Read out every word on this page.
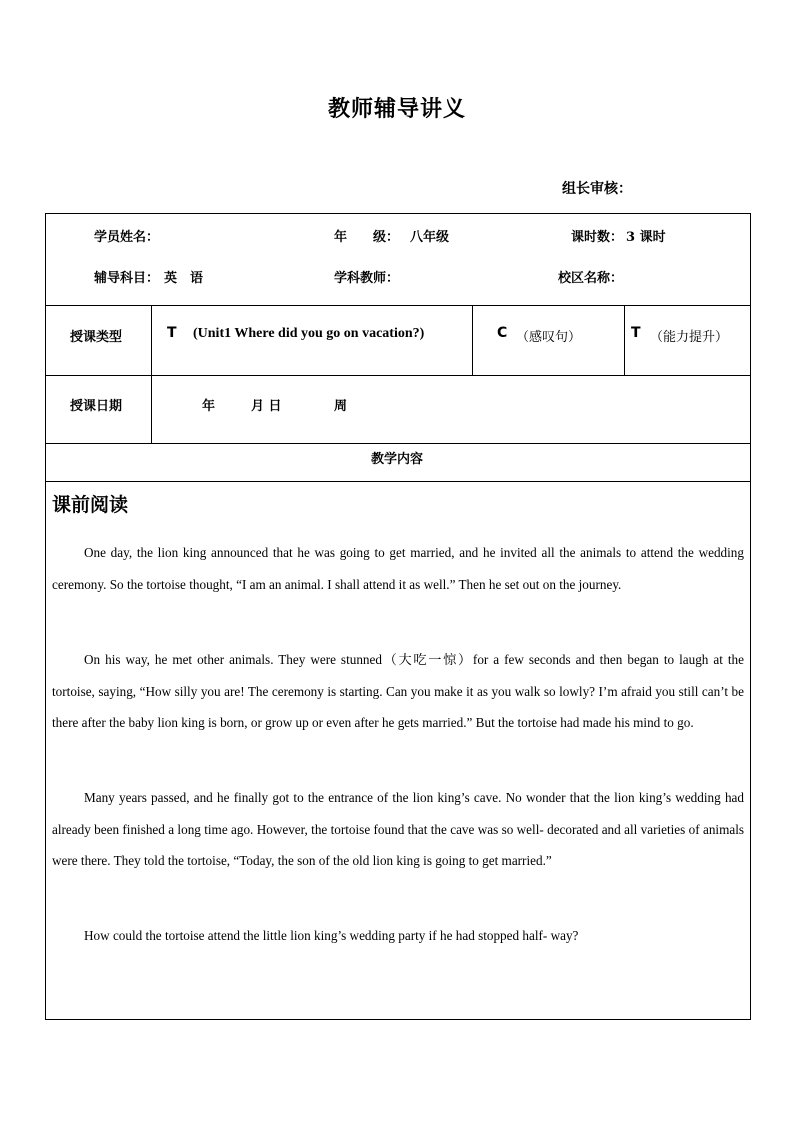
教师辅导讲义
组长审核：
学员姓名：	年　　级： 八年级	课时数： 3 课时
辅导科目： 英　语	学科教师：	校区名称：
授课类型	T (Unit1 Where did you go on vacation?)	C （感叹句）	T （能力提升）
授课日期	年	月 日	周
教学内容
课前阅读
One day, the lion king announced that he was going to get married, and he invited all the animals to attend the wedding ceremony. So the tortoise thought, “I am an animal. I shall attend it as well.” Then he set out on the journey.
On his way, he met other animals. They were stunned（大吃一惊）for a few seconds and then began to laugh at the tortoise, saying, “How silly you are! The ceremony is starting. Can you make it as you walk so lowly? I’m afraid you still can’t be there after the baby lion king is born, or grow up or even after he gets married.” But the tortoise had made his mind to go.
Many years passed, and he finally got to the entrance of the lion king’s cave. No wonder that the lion king’s wedding had already been finished a long time ago. However, the tortoise found that the cave was so well- decorated and all varieties of animals were there. They told the tortoise, “Today, the son of the old lion king is going to get married.”
How could the tortoise attend the little lion king’s wedding party if he had stopped half- way?
